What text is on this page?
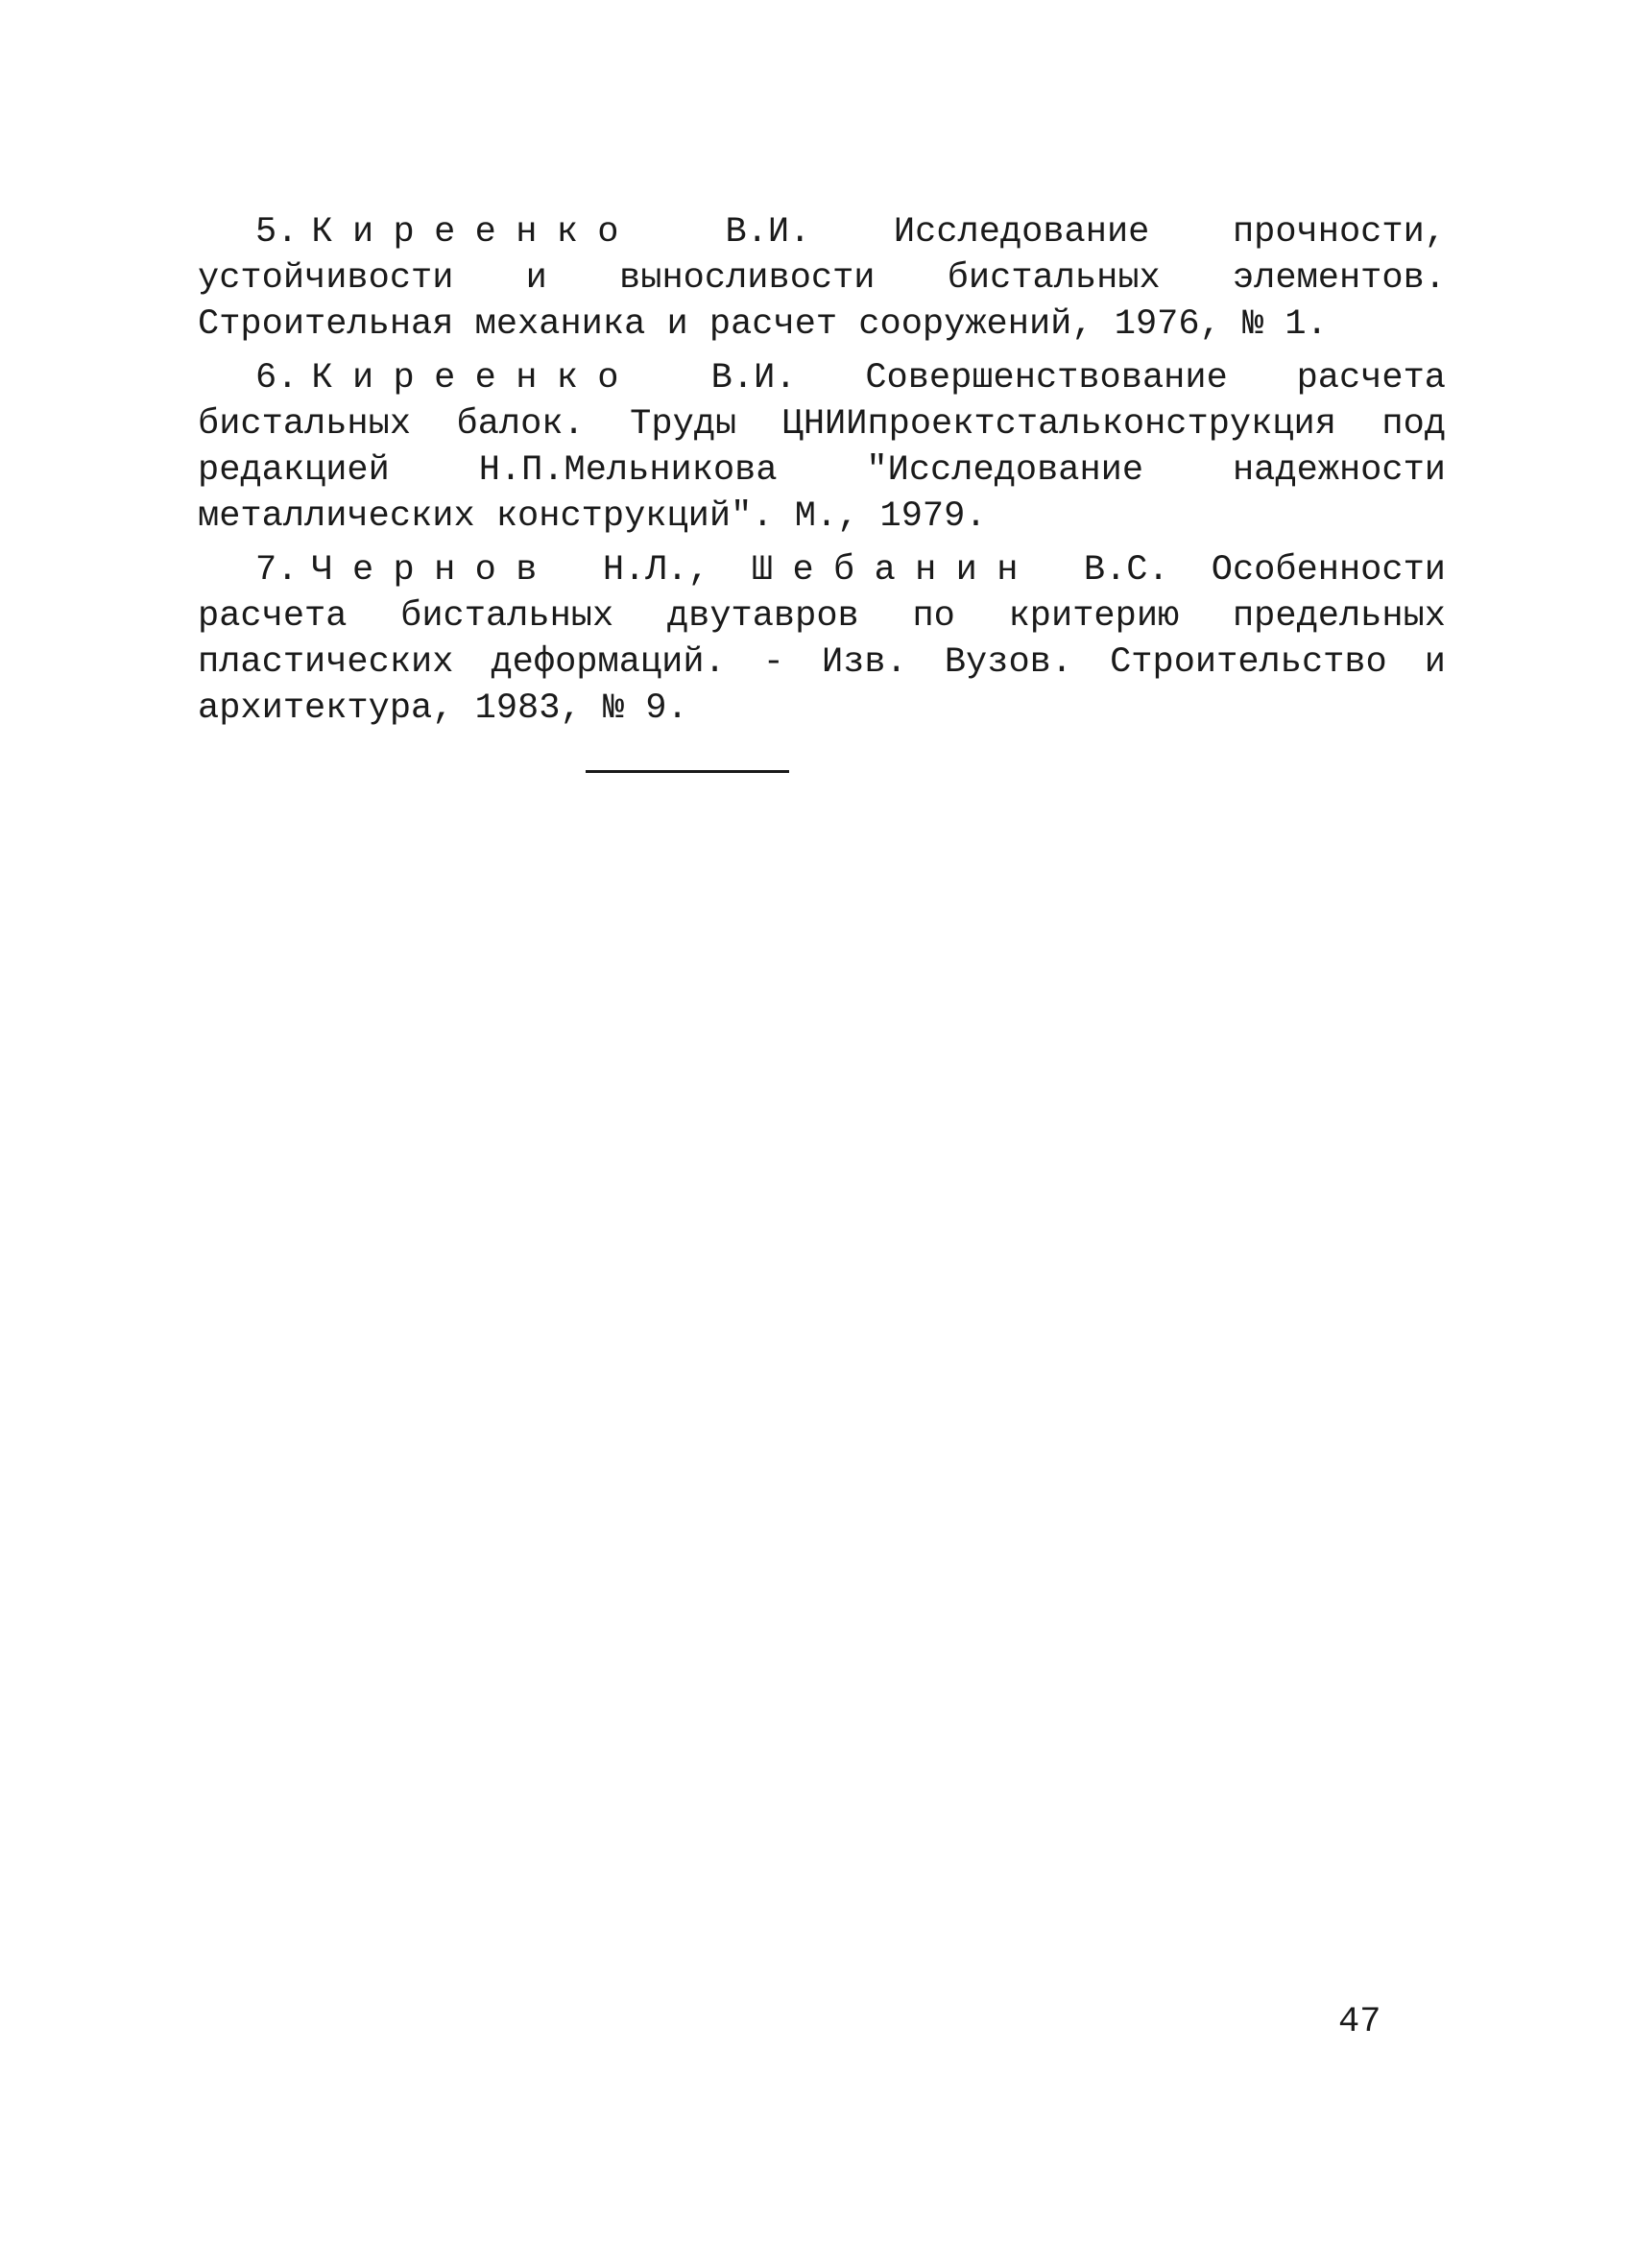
5. Киреенко В.И. Исследование прочности, устойчивости и выносливости бистальных элементов. Строительная механика и расчет сооружений, 1976, № 1.

6. Киреенко В.И. Совершенствование расчета бистальных балок. Труды ЦНИИпроектстальконструкция под редакцией Н.П.Мельникова "Исследование надежности металлических конструкций". М., 1979.

7. Чернов Н.Л., Шебанин В.С. Особенности расчета бистальных двутавров по критерию предельных пластических деформаций. - Изв. Вузов. Строительство и архитектура, 1983, № 9.

47
